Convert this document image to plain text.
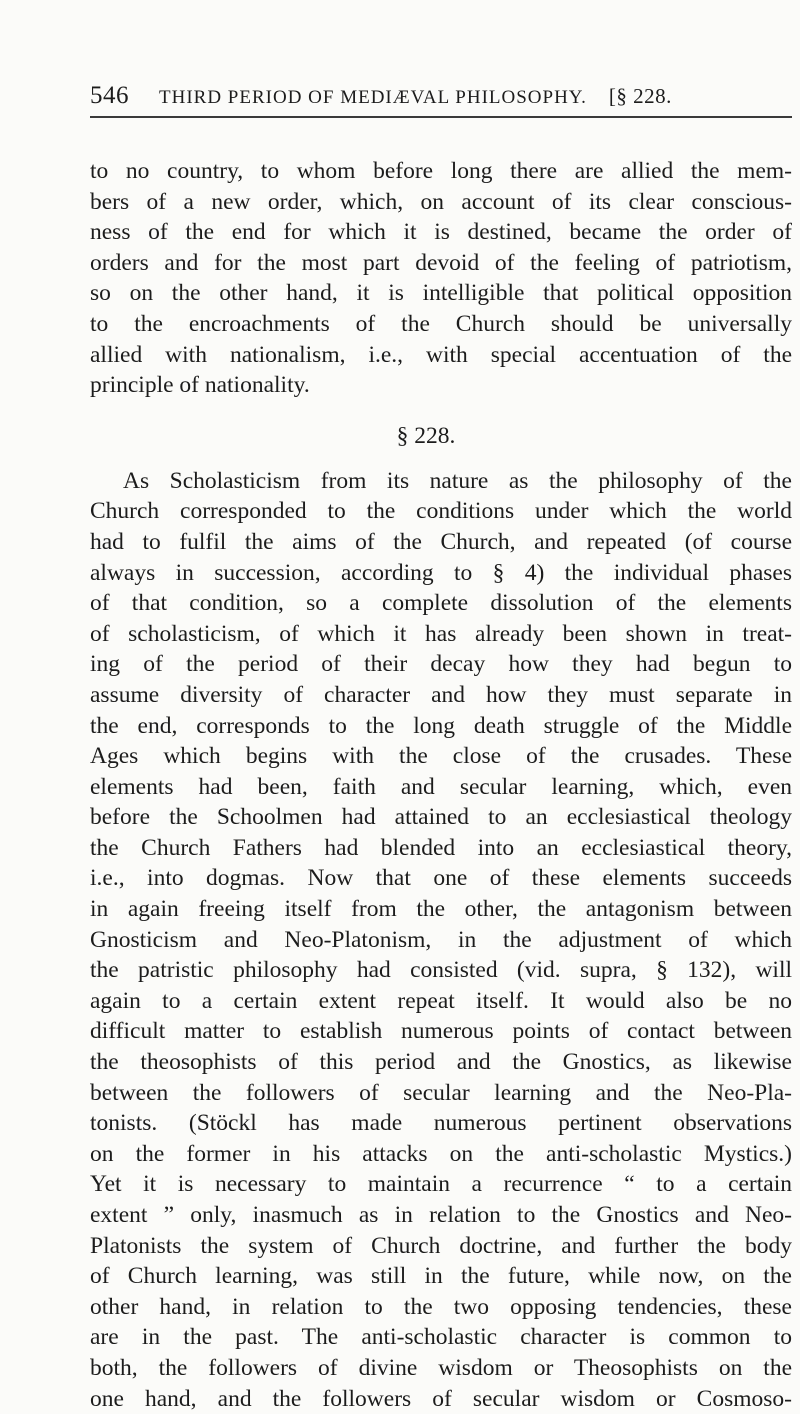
546 THIRD PERIOD OF MEDIÆVAL PHILOSOPHY. [§ 228.
to no country, to whom before long there are allied the mem-
bers of a new order, which, on account of its clear conscious-
ness of the end for which it is destined, became the order of
orders and for the most part devoid of the feeling of patriotism,
so on the other hand, it is intelligible that political opposition
to the encroachments of the Church should be universally
allied with nationalism, i.e., with special accentuation of the
principle of nationality.
§ 228.
As Scholasticism from its nature as the philosophy of the
Church corresponded to the conditions under which the world
had to fulfil the aims of the Church, and repeated (of course
always in succession, according to § 4) the individual phases
of that condition, so a complete dissolution of the elements
of scholasticism, of which it has already been shown in treat-
ing of the period of their decay how they had begun to
assume diversity of character and how they must separate in
the end, corresponds to the long death struggle of the Middle
Ages which begins with the close of the crusades. These
elements had been, faith and secular learning, which, even
before the Schoolmen had attained to an ecclesiastical theology
the Church Fathers had blended into an ecclesiastical theory,
i.e., into dogmas. Now that one of these elements succeeds
in again freeing itself from the other, the antagonism between
Gnosticism and Neo-Platonism, in the adjustment of which
the patristic philosophy had consisted (vid. supra, § 132), will
again to a certain extent repeat itself. It would also be no
difficult matter to establish numerous points of contact between
the theosophists of this period and the Gnostics, as likewise
between the followers of secular learning and the Neo-Pla-
tonists. (Stöckl has made numerous pertinent observations
on the former in his attacks on the anti-scholastic Mystics.)
Yet it is necessary to maintain a recurrence “ to a certain
extent ” only, inasmuch as in relation to the Gnostics and Neo-
Platonists the system of Church doctrine, and further the body
of Church learning, was still in the future, while now, on the
other hand, in relation to the two opposing tendencies, these
are in the past. The anti-scholastic character is common to
both, the followers of divine wisdom or Theosophists on the
one hand, and the followers of secular wisdom or Cosmoso-
